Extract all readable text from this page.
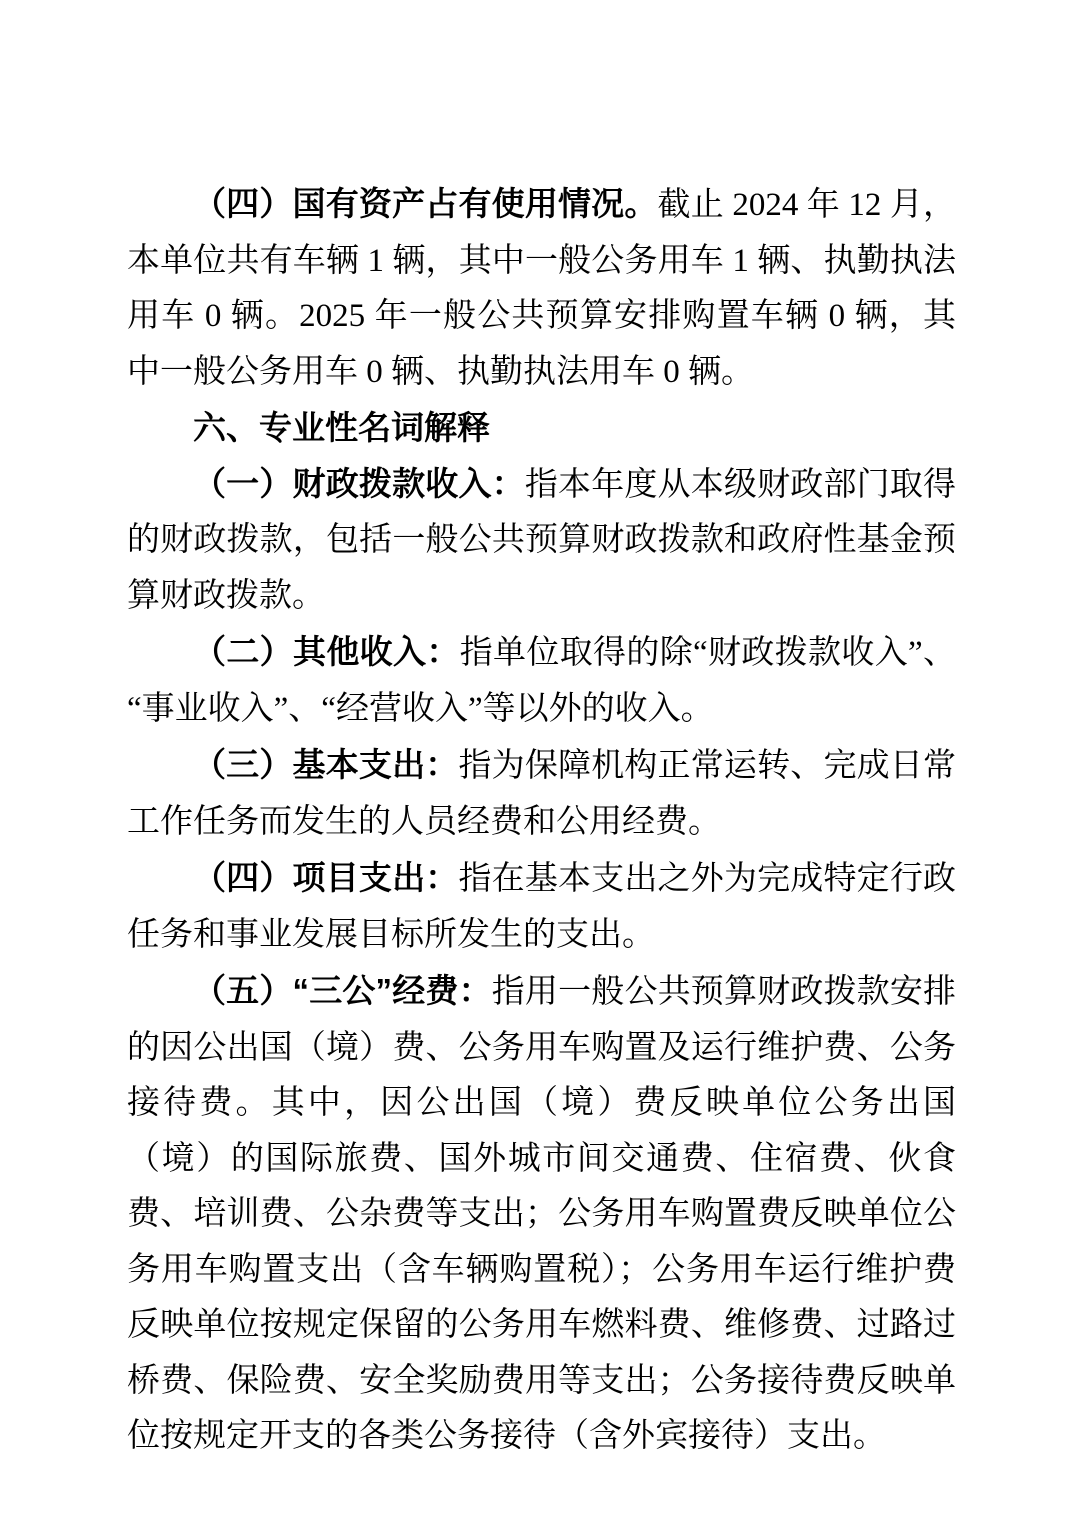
（四）国有资产占有使用情况。截止 2024 年 12 月，本单位共有车辆 1 辆，其中一般公务用车 1 辆、执勤执法用车 0 辆。2025 年一般公共预算安排购置车辆 0 辆，其中一般公务用车 0 辆、执勤执法用车 0 辆。

六、专业性名词解释

（一）财政拨款收入：指本年度从本级财政部门取得的财政拨款，包括一般公共预算财政拨款和政府性基金预算财政拨款。

（二）其他收入：指单位取得的除“财政拨款收入”、“事业收入”、“经营收入”等以外的收入。

（三）基本支出：指为保障机构正常运转、完成日常工作任务而发生的人员经费和公用经费。

（四）项目支出：指在基本支出之外为完成特定行政任务和事业发展目标所发生的支出。

（五）“三公”经费：指用一般公共预算财政拨款安排的因公出国（境）费、公务用车购置及运行维护费、公务接待费。其中，因公出国（境）费反映单位公务出国（境）的国际旅费、国外城市间交通费、住宿费、伙食费、培训费、公杂费等支出；公务用车购置费反映单位公务用车购置支出（含车辆购置税）；公务用车运行维护费反映单位按规定保留的公务用车燃料费、维修费、过路过桥费、保险费、安全奖励费用等支出；公务接待费反映单位按规定开支的各类公务接待（含外宾接待）支出。
